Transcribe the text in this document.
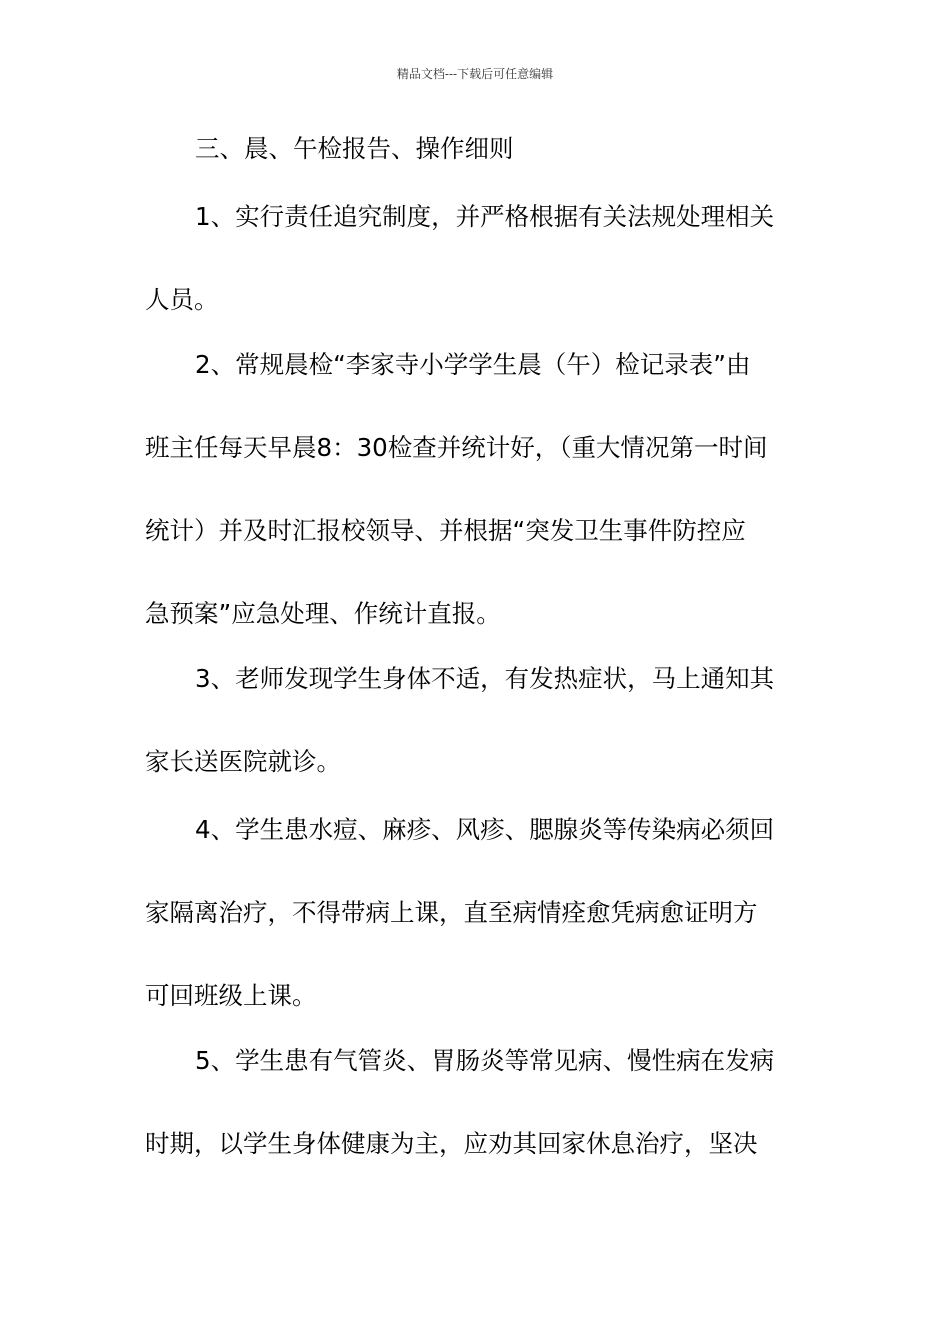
精品文档---下载后可任意编辑
三、晨、午检报告、操作细则
1、实行责任追究制度，并严格根据有关法规处理相关
人员。
2、常规晨检“李家寺小学学生晨（午）检记录表”由
班主任每天早晨8：30检查并统计好，（重大情况第一时间
统计）并及时汇报校领导、并根据“突发卫生事件防控应
急预案”应急处理、作统计直报。
3、老师发现学生身体不适，有发热症状，马上通知其
家长送医院就诊。
4、学生患水痘、麻疹、风疹、腮腺炎等传染病必须回
家隔离治疗，不得带病上课，直至病情痊愈凭病愈证明方
可回班级上课。
5、学生患有气管炎、胃肠炎等常见病、慢性病在发病
时期，以学生身体健康为主，应劝其回家休息治疗，坚决
